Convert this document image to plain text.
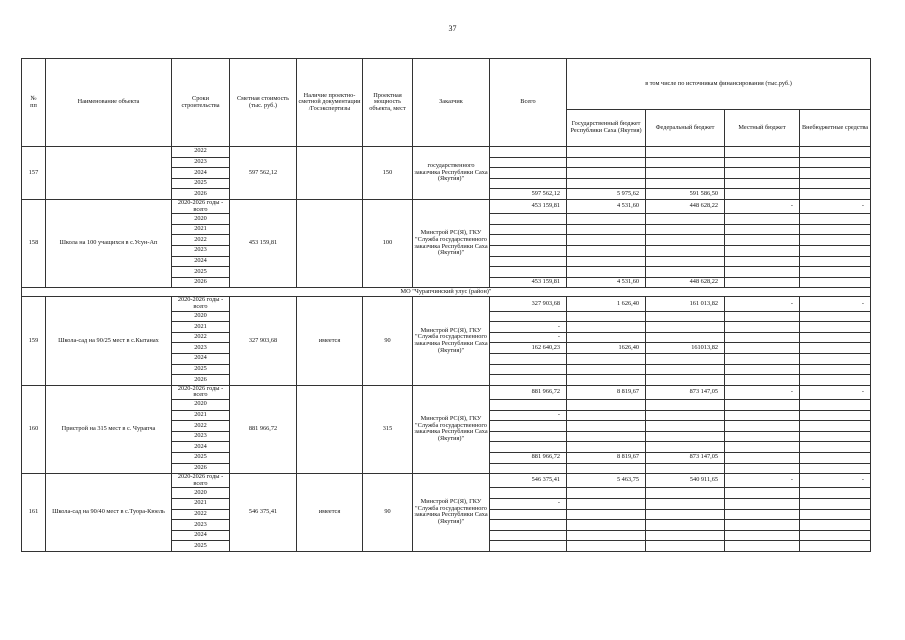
37
№
пп	Наименование объекта	Сроки строительства	Сметная стоимость (тыс. руб.)	Наличие проектно-сметной документации /Госэкспертизы	Проектная мощность объекта, мест	Заказчик	Всего	в том числе по источникам финансирования (тыс.руб.)			
								Государственный бюджет Республики Саха (Якутия)	Федеральный бюджет	Местный бюджет	Внебюджетные средства
157		2022	597 562,12		150	государственного заказчика Республики Саха (Якутия)"					
		2023									
		2024									
		2025									
		2026					597 562,12	5 975,62	591 586,50		
158	Школа на 100 учащихся в с.Усун-Ап	2020-2026 годы - всего	453 159,81		100	Минстрой РС(Я), ГКУ "Служба государственного заказчика Республики Саха (Якутия)"	453 159,81	4 531,60	448 628,22	-	-
		2020									
		2021									
		2022									
		2023									
		2024									
		2025									
		2026					453 159,81	4 531,60	448 628,22		
МО "Чурапчинский улус (район)"											
159	Школа-сад на 90/25 мест в с.Кытанах	2020-2026 годы - всего	327 903,68	имеется	90	Минстрой РС(Я), ГКУ "Служба государственного заказчика Республики Саха (Якутия)"	327 903,68	1 626,40	161 013,82	-	-
		2020									
		2021					-				
		2022					-				
		2023					162 640,23	1626,40	161013,82		
		2024									
		2025									
		2026									
160	Пристрой на 315 мест в с. Чурапча	2020-2026 годы - всего	881 966,72		315	Минстрой РС(Я), ГКУ "Служба государственного заказчика Республики Саха (Якутия)"	881 966,72	8 819,67	873 147,05	-	-
		2020									
		2021					-				
		2022									
		2023									
		2024									
		2025					881 966,72	8 819,67	873 147,05		
		2026									
161	Школа-сад на 90/40 мест в с.Туора-Кюель	2020-2026 годы - всего	546 375,41	имеется	90	Минстрой РС(Я), ГКУ "Служба государственного заказчика Республики Саха (Якутия)"	546 375,41	5 463,75	540 911,65	-	-
		2020									
		2021					-				
		2022									
		2023									
		2024									
		2025									
